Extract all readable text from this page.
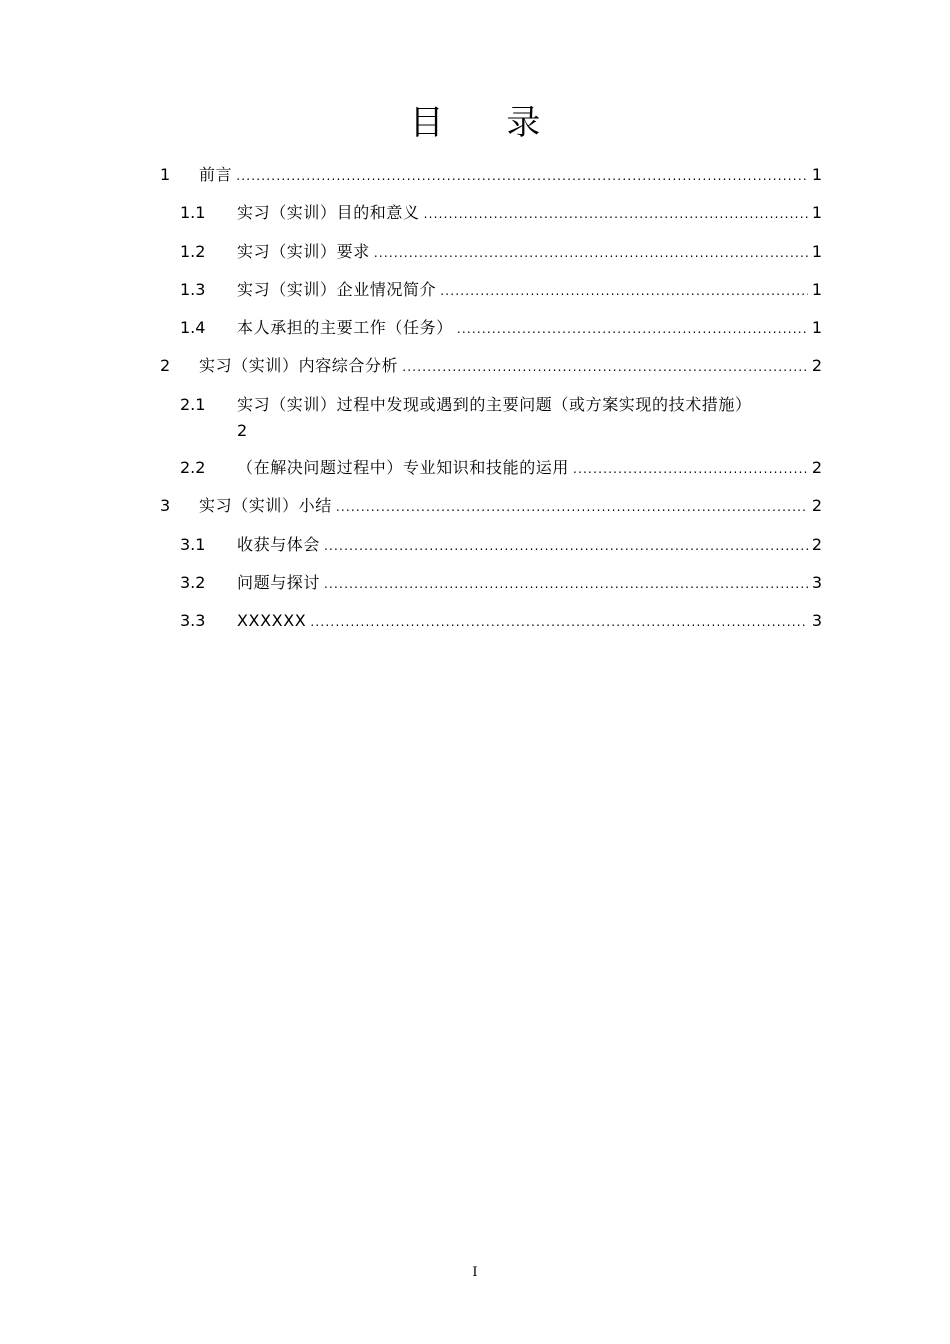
目 录
1 前言 .....	1
1.1 实习（实训）目的和意义 .....	1
1.2 实习（实训）要求 .....	1
1.3 实习（实训）企业情况简介 .....	1
1.4 本人承担的主要工作（任务） .....	1
2 实习（实训）内容综合分析 .....	2
2.1 实习（实训）过程中发现或遇到的主要问题（或方案实现的技术措施）
2
2.2 （在解决问题过程中）专业知识和技能的运用 .....	2
3 实习（实训）小结 .....	2
3.1 收获与体会 .....	2
3.2 问题与探讨 .....	3
3.3 XXXXXX .....	3
I
